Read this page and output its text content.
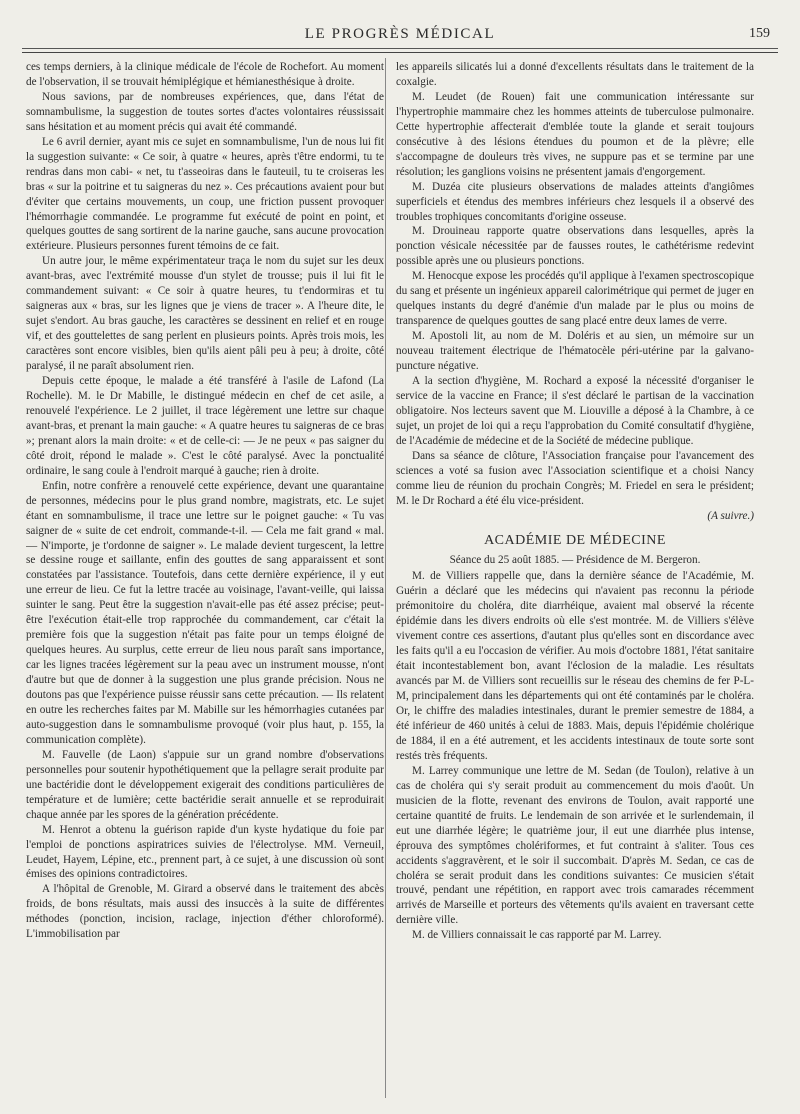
LE PROGRÈS MÉDICAL	159

ces temps derniers, à la clinique médicale de l'école de Rochefort. Au moment de l'observation, il se trouvait hémiplégique et hémianesthésique à droite.

Nous savions, par de nombreuses expériences, que, dans l'état de somnambulisme, la suggestion de toutes sortes d'actes volontaires réussissait sans hésitation et au moment précis qui avait été commandé.

Le 6 avril dernier, ayant mis ce sujet en somnambulisme, l'un de nous lui fit la suggestion suivante: « Ce soir, à quatre « heures, après t'être endormi, tu te rendras dans mon cabi- « net, tu t'asseoiras dans le fauteuil, tu te croiseras les bras « sur la poitrine et tu saigneras du nez ». Ces précautions avaient pour but d'éviter que certains mouvements, un coup, une friction pussent provoquer l'hémorrhagie commandée. Le programme fut exécuté de point en point, et quelques gouttes de sang sortirent de la narine gauche, sans aucune provocation extérieure. Plusieurs personnes furent témoins de ce fait.

Un autre jour, le même expérimentateur traça le nom du sujet sur les deux avant-bras, avec l'extrémité mousse d'un stylet de trousse; puis il lui fit le commandement suivant: « Ce soir à quatre heures, tu t'endormiras et tu saigneras aux « bras, sur les lignes que je viens de tracer ». A l'heure dite, le sujet s'endort. Au bras gauche, les caractères se dessinent en relief et en rouge vif, et des gouttelettes de sang perlent en plusieurs points. Après trois mois, les caractères sont encore visibles, bien qu'ils aient pâli peu à peu; à droite, côté paralysé, il ne paraît absolument rien.

Depuis cette époque, le malade a été transféré à l'asile de Lafond (La Rochelle). M. le Dr Mabille, le distingué médecin en chef de cet asile, a renouvelé l'expérience. Le 2 juillet, il trace légèrement une lettre sur chaque avant-bras, et prenant la main gauche: « A quatre heures tu saigneras de ce bras »; prenant alors la main droite: « et de celle-ci: — Je ne peux « pas saigner du côté droit, répond le malade ». C'est le côté paralysé. Avec la ponctualité ordinaire, le sang coule à l'endroit marqué à gauche; rien à droite.

Enfin, notre confrère a renouvelé cette expérience, devant une quarantaine de personnes, médecins pour le plus grand nombre, magistrats, etc. Le sujet étant en somnambulisme, il trace une lettre sur le poignet gauche: « Tu vas saigner de « suite de cet endroit, commande-t-il. — Cela me fait grand « mal. — N'importe, je t'ordonne de saigner ». Le malade devient turgescent, la lettre se dessine rouge et saillante, enfin des gouttes de sang apparaissent et sont constatées par l'assistance. Toutefois, dans cette dernière expérience, il y eut une erreur de lieu. Ce fut la lettre tracée au voisinage, l'avant-veille, qui laissa suinter le sang. Peut être la suggestion n'avait-elle pas été assez précise; peut-être l'exécution était-elle trop rapprochée du commandement, car c'était la première fois que la suggestion n'était pas faite pour un temps éloigné de quelques heures. Au surplus, cette erreur de lieu nous paraît sans importance, car les lignes tracées légèrement sur la peau avec un instrument mousse, n'ont d'autre but que de donner à la suggestion une plus grande précision. Nous ne doutons pas que l'expérience puisse réussir sans cette précaution. — Ils relatent en outre les recherches faites par M. Mabille sur les hémorrhagies cutanées par auto-suggestion dans le somnambulisme provoqué (voir plus haut, p. 155, la communication complète).

M. Fauvelle (de Laon) s'appuie sur un grand nombre d'observations personnelles pour soutenir hypothétiquement que la pellagre serait produite par une bactéridie dont le développement exigerait des conditions particulières de température et de lumière; cette bactéridie serait annuelle et se reproduirait chaque année par les spores de la génération précédente.

M. Henrot a obtenu la guérison rapide d'un kyste hydatique du foie par l'emploi de ponctions aspiratrices suivies de l'électrolyse. MM. Verneuil, Leudet, Hayem, Lépine, etc., prennent part, à ce sujet, à une discussion où sont émises des opinions contradictoires.

A l'hôpital de Grenoble, M. Girard a observé dans le traitement des abcès froids, de bons résultats, mais aussi des insuccès à la suite de différentes méthodes (ponction, incision, raclage, injection d'éther chloroformé). L'immobilisation par

les appareils silicatés lui a donné d'excellents résultats dans le traitement de la coxalgie.

M. Leudet (de Rouen) fait une communication intéressante sur l'hypertrophie mammaire chez les hommes atteints de tuberculose pulmonaire. Cette hypertrophie affecterait d'emblée toute la glande et serait toujours consécutive à des lésions étendues du poumon et de la plèvre; elle s'accompagne de douleurs très vives, ne suppure pas et se termine par une résolution; les ganglions voisins ne présentent jamais d'engorgement.

M. Duzéa cite plusieurs observations de malades atteints d'angiômes superficiels et étendus des membres inférieurs chez lesquels il a observé des troubles trophiques concomitants d'origine osseuse.

M. Drouineau rapporte quatre observations dans lesquelles, après la ponction vésicale nécessitée par de fausses routes, le cathétérisme redevint possible après une ou plusieurs ponctions.

M. Henocque expose les procédés qu'il applique à l'examen spectroscopique du sang et présente un ingénieux appareil calorimétrique qui permet de juger en quelques instants du degré d'anémie d'un malade par le plus ou moins de transparence de quelques gouttes de sang placé entre deux lames de verre.

M. Apostoli lit, au nom de M. Doléris et au sien, un mémoire sur un nouveau traitement électrique de l'hématocèle péri-utérine par la galvano-puncture négative.

A la section d'hygiène, M. Rochard a exposé la nécessité d'organiser le service de la vaccine en France; il s'est déclaré le partisan de la vaccination obligatoire. Nos lecteurs savent que M. Liouville a déposé à la Chambre, à ce sujet, un projet de loi qui a reçu l'approbation du Comité consultatif d'hygiène, de l'Académie de médecine et de la Société de médecine publique.

Dans sa séance de clôture, l'Association française pour l'avancement des sciences a voté sa fusion avec l'Association scientifique et a choisi Nancy comme lieu de réunion du prochain Congrès; M. Friedel en sera le président; M. le Dr Rochard a été élu vice-président.

(A suivre.)

ACADÉMIE DE MÉDECINE

Séance du 25 août 1885. — Présidence de M. Bergeron.

M. de Villiers rappelle que, dans la dernière séance de l'Académie, M. Guérin a déclaré que les médecins qui n'avaient pas reconnu la période prémonitoire du choléra, dite diarrhéique, avaient mal observé la récente épidémie dans les divers endroits où elle s'est montrée. M. de Villiers s'élève vivement contre ces assertions, d'autant plus qu'elles sont en discordance avec les faits qu'il a eu l'occasion de vérifier. Au mois d'octobre 1881, l'état sanitaire était incontestablement bon, avant l'éclosion de la maladie. Les résultats avancés par M. de Villiers sont recueillis sur le réseau des chemins de fer P-L-M, principalement dans les départements qui ont été contaminés par le choléra. Or, le chiffre des maladies intestinales, durant le premier semestre de 1884, a été inférieur de 460 unités à celui de 1883. Mais, depuis l'épidémie cholérique de 1884, il en a été autrement, et les accidents intestinaux de toute sorte sont restés très fréquents.

M. Larrey communique une lettre de M. Sedan (de Toulon), relative à un cas de choléra qui s'y serait produit au commencement du mois d'août. Un musicien de la flotte, revenant des environs de Toulon, avait rapporté une certaine quantité de fruits. Le lendemain de son arrivée et le surlendemain, il eut une diarrhée légère; le quatrième jour, il eut une diarrhée plus intense, éprouva des symptômes cholériformes, et fut contraint à s'aliter. Tous ces accidents s'aggravèrent, et le soir il succombait. D'après M. Sedan, ce cas de choléra se serait produit dans les conditions suivantes: Ce musicien s'était trouvé, pendant une répétition, en rapport avec trois camarades récemment arrivés de Marseille et porteurs des vêtements qu'ils avaient en traversant cette dernière ville.

M. de Villiers connaissait le cas rapporté par M. Larrey.
